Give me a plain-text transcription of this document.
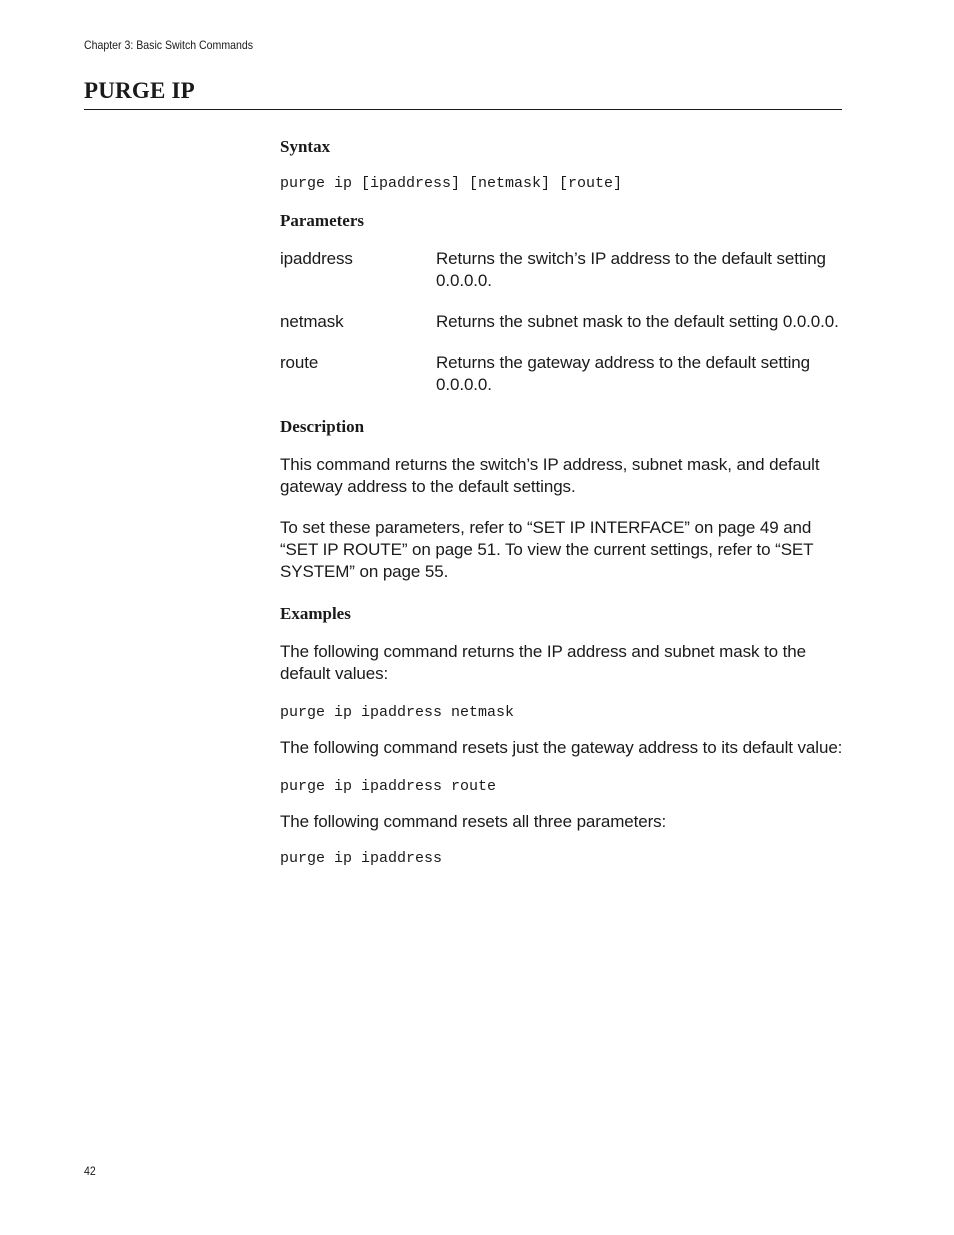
Chapter 3: Basic Switch Commands
PURGE IP
Syntax

purge ip [ipaddress] [netmask] [route]

Parameters
ipaddress	Returns the switch’s IP address to the default setting 0.0.0.0.
netmask	Returns the subnet mask to the default setting 0.0.0.0.
route	Returns the gateway address to the default setting 0.0.0.0.
Description

This command returns the switch’s IP address, subnet mask, and default gateway address to the default settings.

To set these parameters, refer to “SET IP INTERFACE” on page 49 and “SET IP ROUTE” on page 51. To view the current settings, refer to “SET SYSTEM” on page 55.

Examples

The following command returns the IP address and subnet mask to the default values:

purge ip ipaddress netmask

The following command resets just the gateway address to its default value:

purge ip ipaddress route

The following command resets all three parameters:

purge ip ipaddress

42
